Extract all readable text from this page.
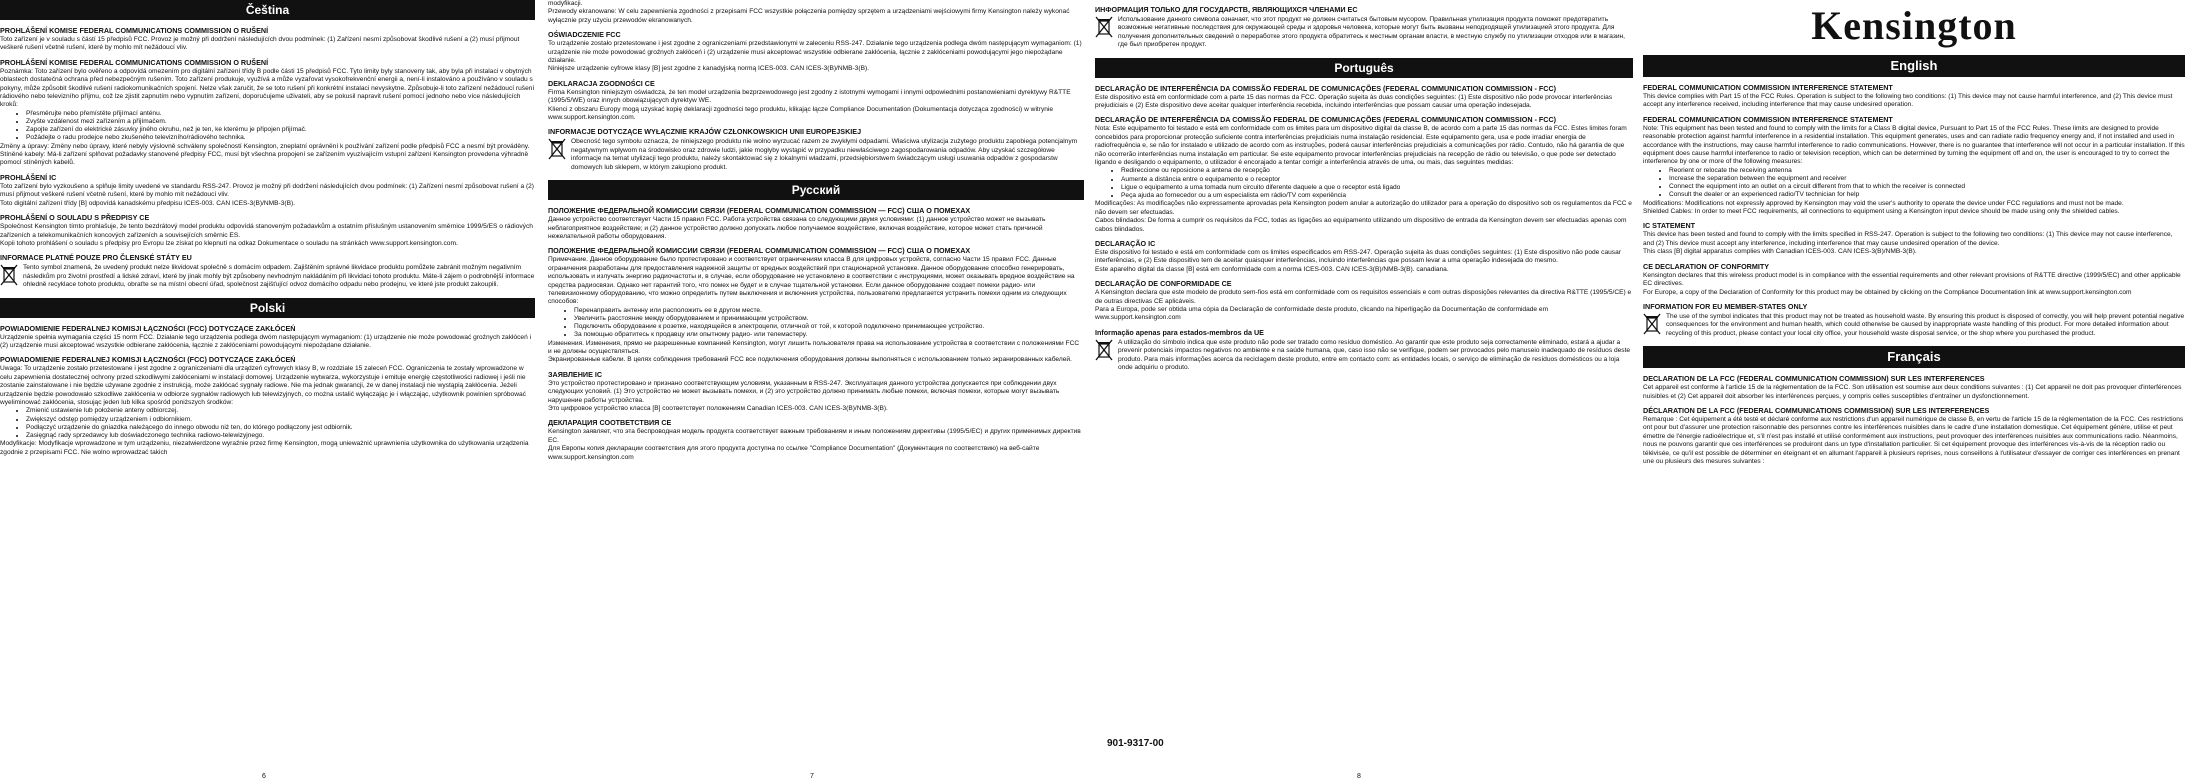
Čeština
PROHLÁŠENÍ KOMISE FEDERAL COMMUNICATIONS COMMISSION O RUŠENÍ

Toto zařízení je v souladu s částí 15 předpisů FCC. Provoz je možný při dodržení následujících dvou podmínek: (1) Zařízení nesmí způsobovat škodlivé rušení a (2) musí přijmout veškeré rušení včetně rušení, které by mohlo mít nežádoucí vliv.

PROHLÁŠENÍ KOMISE FEDERAL COMMUNICATIONS COMMISSION O RUŠENÍ

Poznámka: Toto zařízení bylo ověřeno a odpovídá omezením pro digitální zařízení třídy B podle části 15 předpisů FCC. Tyto limity byly stanoveny tak, aby byla při instalaci v obytných oblastech dostatečná ochrana před nebezpečným rušením. Toto zařízení produkuje, využívá a může vyzařovat vysokofrekvenční energii a, není-li instalováno a používáno v souladu s pokyny, může způsobit škodlivé rušení radiokomunikačních spojení. Nelze však zaručit, že se toto rušení při konkrétní instalaci nevyskytne. Způsobuje-li toto zařízení nežádoucí rušení rádiového nebo televizního příjmu, což lze zjistit zapnutím nebo vypnutím zařízení, doporučujeme uživateli, aby se pokusil napravit rušení pomocí jednoho nebo více následujících kroků:

• Přesměrujte nebo přemístěte přijímací anténu.
• Zvyšte vzdálenost mezi zařízením a přijímačem.
• Zapojte zařízení do elektrické zásuvky jiného okruhu, než je ten, ke kterému je připojen přijímač.
• Požádejte o radu prodejce nebo zkušeného televizního/rádiového technika.

Změny a úpravy: Změny nebo úpravy, které nebyly výslovně schváleny společností Kensington, zneplatní oprávnění k používání zařízení podle předpisů FCC a nesmí být prováděny.
Stíněné kabely: Má-li zařízení splňovat požadavky stanovené předpisy FCC, musí být všechna propojení se zařízením vyuzívajícím vstupní zařízení Kensington provedena výhradně pomocí stíněných kabelů.

PROHLÁŠENÍ IC

Toto zařízení bylo vyzkoušeno a splňuje limity uvedené ve standardu RSS-247. Provoz je možný při dodržení následujících dvou podmínek: (1) Zařízení nesmí způsobovat rušení a (2) musí přijmout veškeré rušení včetně rušení, které by mohlo mít nežádoucí vliv.
Toto digitální zařízení třídy [B] odpovídá kanadskému předpisu ICES-003. CAN ICES-3(B)/NMB-3(B).

PROHLÁŠENÍ O SOULADU S PŘEDPISY CE

Společnost Kensington tímto prohlašuje, že tento bezdrátový model produktu odpovídá stanoveným požadavkům a ostatním příslušným ustanovením směrnice 1999/5/ES o rádiových zařízeních a telekomunikačních koncových zařízeních a souvisejících směrnic ES.
Kopii tohoto prohlášení o souladu s předpisy pro Evropu lze získat po klepnutí na odkaz Dokumentace o souladu na stránkách www.support.kensington.com.

INFORMACE PLATNÉ POUZE PRO ČLENSKÉ STÁTY EU

Tento symbol znamená, že uvedený produkt nelze likvidovat společně s domácím odpadem. Zajištěním správné likvidace produktu pomůžete zabránit možným negativním následkům pro životní prostředí a lidské zdraví, které by jinak mohly být způsobeny nevhodným nakládáním při likvidaci tohoto produktu. Máte-li zájem o podrobnější informace ohledně recyklace tohoto produktu, obraťte se na místní obecní úřad, společnost zajišťující odvoz domácího odpadu nebo prodejnu, ve které jste produkt zakoupili.

Polski
POWIADOMIENIE FEDERALNEJ KOMISJI ŁĄCZNOŚCI (FCC) DOTYCZĄCE ZAKŁÓCEŃ

Urządzenie spełnia wymagania części 15 norm FCC. Działanie tego urządzenia podlega dwóm następującym wymaganiom: (1) urządzenie nie może powodować groźnych zakłóceń i (2) urządzenie musi akceptować wszystkie odbierane zakłócenia, łącznie z zakłóceniami powodującymi niepożądane działanie.

POWIADOMIENIE FEDERALNEJ KOMISJI ŁĄCZNOŚCI (FCC) DOTYCZĄCE ZAKŁÓCEŃ

Uwaga: To urządzenie zostało przetestowane i jest zgodne z ograniczeniami dla urządzeń cyfrowych klasy B, w rozdziale 15 zaleceń FCC. Ograniczenia te zostały wprowadzone w celu zapewnienia dostatecznej ochrony przed szkodliwymi zakłóceniami w instalacji domowej. Urządzenie wytwarza, wykorzystuje i emituje energię częstotliwości radiowej i jeśli nie zostanie zainstalowane i nie będzie używane zgodnie z instrukcją, może zakłócać sygnały radiowe. Nie ma jednak gwarancji, że w danej instalacji nie wystąpią zakłócenia. Jeżeli urządzenie będzie powodowało szkodliwe zakłócenia w odbiorze sygnałów radiowych lub telewizyjnych, co można ustalić wyłączając je i włączając, użytkownik powinien spróbować wyeliminować zakłócenia, stosując jeden lub kilka spośród poniższych środków:

• Zmienić ustawienie lub położenie anteny odbiorczej.
• Zwiększyć odstęp pomiędzy urządzeniem i odbiornikiem.
• Podłączyć urządzenie do gniazdka należącego do innego obwodu niż ten, do którego podłączony jest odbiornik.
• Zasięgnąć rady sprzedawcy lub doświadczonego technika radiowo-telewizyjnego.

Modyfikacje: Modyfikacje wprowadzone w tym urządzeniu, niezatwierdzone wyraźnie przez firmę Kensington, mogą unieważnić uprawnienia użytkownika do użytkowania urządzenia zgodnie z przepisami FCC. Nie wolno wprowadzać takich

6

modyfikacji.
Przewody ekranowane: W celu zapewnienia zgodności z przepisami FCC wszystkie połączenia pomiędzy sprzętem a urządzeniami wejściowymi firmy Kensington należy wykonać wyłącznie przy użyciu przewodów ekranowanych.

OŚWIADCZENIE FCC

To urządzenie zostało przetestowane i jest zgodne z ograniczeniami przedstawionymi w zaleceniu RSS-247. Działanie tego urządzenia podlega dwóm następującym wymaganiom: (1) urządzenie nie może powodować groźnych zakłóceń i (2) urządzenie musi akceptować wszystkie odbierane zakłócenia, łącznie z zakłóceniami powodującymi jego niepożądane działanie.
Niniejsze urządzenie cyfrowe klasy [B] jest zgodne z kanadyjską normą ICES-003. CAN ICES-3(B)/NMB-3(B).

DEKLARACJA ZGODNOŚCI CE

Firma Kensington niniejszym oświadcza, że ten model urządzenia bezprzewodowego jest zgodny z istotnymi wymogami i innymi odpowiednimi postanowieniami dyrektywy R&TTE (1995/5/WE) oraz innych obowiązujących dyrektyw WE.
Klienci z obszaru Europy mogą uzyskać kopię deklaracji zgodności tego produktu, klikając łącze Compliance Documentation (Dokumentacja dotycząca zgodności) w witrynie www.support.kensington.com.

INFORMACJE DOTYCZĄCE WYŁĄCZNIE KRAJÓW CZŁONKOWSKICH UNII EUROPEJSKIEJ

Obecność tego symbolu oznacza, że niniejszego produktu nie wolno wyrzucać razem ze zwykłymi odpadami. Właściwa utylizacja zużytego produktu zapobiega potencjalnym negatywnym wpływom na środowisko oraz zdrowie ludzi, jakie mogłyby wystąpić w przypadku niewłaściwego zagospodarowania odpadów. Aby uzyskać szczegółowe informacje na temat utylizacji tego produktu, należy skontaktować się z lokalnymi władzami, przedsiębiorstwem świadczącym usługi usuwania odpadów z gospodarstw domowych lub sklepem, w którym zakupiono produkt.

Русский
ПОЛОЖЕНИЕ ФЕДЕРАЛЬНОЙ КОМИССИИ СВЯЗИ (FEDERAL COMMUNICATION COMMISSION — FCC) США О ПОМЕХАХ

Данное устройство соответствует Части 15 правил FCC. Работа устройства связана со следующими двумя условиями: (1) данное устройство может не вызывать неблагоприятное воздействие; и (2) данное устройство должно допускать любое получаемое воздействие, включая воздействие, которое может стать причиной нежелательной работы оборудования.

ПОЛОЖЕНИЕ ФЕДЕРАЛЬНОЙ КОМИССИИ СВЯЗИ (FEDERAL COMMUNICATION COMMISSION — FCC) США О ПОМЕХАХ

Примечание. Данное оборудование было протестировано и соответствует ограничениям класса В для цифровых устройств, согласно Части 15 правил FCC. Данные ограничения разработаны для предоставления надежной защиты от вредных воздействий при стационарной установке. Данное оборудование способно генерировать, использовать и излучать энергию радиочастоты и, в случае, если оборудование не установлено в соответствии с инструкциями, может оказывать вредное воздействие на средства радиосвязи. Однако нет гарантий того, что помех не будет и в случае тщательной установки. Если данное оборудование создает помехи радио- или телевизионному оборудованию, что можно определить путем выключения и включения устройства, пользователю предлагается устранить помехи одним из следующих способов:

• Перенаправить антенну или расположить ее в другом месте.
• Увеличить расстояние между оборудованием и принимающим устройством.
• Подключить оборудование к розетке, находящейся в электроцепи, отличной от той, к которой подключено принимающее устройство.
• За помощью обратитесь к продавцу или опытному радио- или телемастеру.

Изменения. Изменения, прямо не разрешенные компанией Kensington, могут лишить пользователя права на использование устройства в соответствии с положениями FCC и не должны осуществляться.
Экранированные кабели. В целях соблюдения требований FCC все подключения оборудования должны выполняться с использованием только экранированных кабелей.

ЗАЯВЛЕНИЕ IC

Это устройство протестировано и признано соответствующим условиям, указанным в RSS-247. Эксплуатация данного устройства допускается при соблюдении двух следующих условий. (1) Это устройство не может вызывать помехи, и (2) это устройство должно принимать любые помехи, включая помехи, которые могут вызывать нарушение работы устройства.
Это цифровое устройство класса [B] соответствует положениям Canadian ICES-003. CAN ICES-3(B)/NMB-3(B).

ДЕКЛАРАЦИЯ СООТВЕТСТВИЯ CE

Kensington заявляет, что эта беспроводная модель продукта соответствует важным требованиям и иным положениям директивы (1995/5/EC) и других применимых директив ЕС.
Для Европы копия декларации соответствия для этого продукта доступна по ссылке "Compliance Documentation" (Документация по соответствию) на веб-сайте www.support.kensington.com

7
ИНФОРМАЦИЯ ТОЛЬКО ДЛЯ ГОСУДАРСТВ, ЯВЛЯЮЩИХСЯ ЧЛЕНАМИ ЕС

Использование данного символа означает, что этот продукт не должен считаться бытовым мусором. Правильная утилизация продукта поможет предотвратить возможные негативные последствия для окружающей среды и здоровья человека, которые могут быть вызваны неподходящей утилизацией этого продукта. Для получения дополнительных сведений о переработке этого продукта обратитесь к местным органам власти, в местную службу по утилизации отходов или в магазин, где был приобретен продукт.

Português
DECLARAÇÃO DE INTERFERÊNCIA DA COMISSÃO FEDERAL DE COMUNICAÇÕES (FEDERAL COMMUNICATION COMMISSION - FCC)

Este dispositivo está em conformidade com a parte 15 das normas da FCC. Operação sujeita às duas condições seguintes: (1) Este dispositivo não pode provocar interferências prejudiciais e (2) Este dispositivo deve aceitar qualquer interferência recebida, incluindo interferências que possam causar uma operação indesejada.

DECLARAÇÃO DE INTERFERÊNCIA DA COMISSÃO FEDERAL DE COMUNICAÇÕES (FEDERAL COMMUNICATION COMMISSION - FCC)

Nota: Este equipamento foi testado e está em conformidade com os limites para um dispositivo digital da classe B, de acordo com a parte 15 das normas da FCC. Estes limites foram concebidos para proporcionar protecção suficiente contra interferências prejudiciais numa instalação residencial. Este equipamento gera, usa e pode irradiar energia de radiofrequência e, se não for instalado e utilizado de acordo com as instruções, poderá causar interferências prejudiciais a comunicações por rádio. Contudo, não há garantia de que não ocorrerão interferências numa instalação em particular. Se este equipamento provocar interferências prejudiciais na recepção de rádio ou televisão, o que pode ser detectado ligando e desligando o equipamento, o utilizador é encorajado a tentar corrigir a interferência através de uma, ou mais, das seguintes medidas:

• Redireccione ou reposicione a antena de recepção
• Aumente a distância entre o equipamento e o receptor
• Ligue o equipamento a uma tomada num circuito diferente daquele a que o receptor está ligado
• Peça ajuda ao fornecedor ou a um especialista em rádio/TV com experiência

Modificações: As modificações não expressamente aprovadas pela Kensington podem anular a autorização do utilizador para a operação do dispositivo sob os regulamentos da FCC e não devem ser efectuadas.
Cabos blindados: De forma a cumprir os requisitos da FCC, todas as ligações ao equipamento utilizando um dispositivo de entrada da Kensington devem ser efectuadas apenas com cabos blindados.

DECLARAÇÃO IC

Este dispositivo foi testado e está em conformidade com os limites especificados em RSS-247. Operação sujeita às duas condições seguintes: (1) Este dispositivo não pode causar interferências, e (2) Este dispositivo tem de aceitar quaisquer interferências, incluindo interferências que possam levar a uma operação indesejada do mesmo.
Este aparelho digital da classe [B] está em conformidade com a norma ICES-003. CAN ICES-3(B)/NMB-3(B). canadiana.

DECLARAÇÃO DE CONFORMIDADE CE

A Kensington declara que este modelo de produto sem-fios está em conformidade com os requisitos essenciais e com outras disposições relevantes da directiva R&TTE (1995/5/CE) e de outras directivas CE aplicáveis.
Para a Europa, pode ser obtida uma cópia da Declaração de conformidade deste produto, clicando na hiperligação da Documentação de conformidade em www.support.kensington.com

Informação apenas para estados-membros da UE

A utilização do símbolo indica que este produto não pode ser tratado como resíduo doméstico. Ao garantir que este produto seja correctamente eliminado, estará a ajudar a prevenir potenciais impactos negativos no ambiente e na saúde humana, que, caso isso não se verifique, podem ser provocados pelo manuseio inadequado de resíduos deste produto. Para mais informações acerca da reciclagem deste produto, entre em contacto com: as entidades locais, o serviço de eliminação de resíduos domésticos ou a loja onde adquiriu o produto.

8
901-9317-00
Kensington
English
FEDERAL COMMUNICATION COMMISSION INTERFERENCE STATEMENT

This device complies with Part 15 of the FCC Rules. Operation is subject to the following two conditions: (1) This device may not cause harmful interference, and (2) This device must accept any interference received, including interference that may cause undesired operation.

FEDERAL COMMUNICATION COMMISSION INTERFERENCE STATEMENT

Note: This equipment has been tested and found to comply with the limits for a Class B digital device, Pursuant to Part 15 of the FCC Rules. These limits are designed to provide reasonable protection against harmful interference in a residential installation. This equipment generates, uses and can radiate radio frequency energy and, if not installed and used in accordance with the instructions, may cause harmful interference to radio communications. However, there is no guarantee that interference will not occur in a particular installation. If this equipment does cause harmful interference to radio or television reception, which can be determined by turning the equipment off and on, the user is encouraged to try to correct the interference by one or more of the following measures:

• Reorient or relocate the receiving antenna
• Increase the separation between the equipment and receiver
• Connect the equipment into an outlet on a circuit different from that to which the receiver is connected
• Consult the dealer or an experienced radio/TV technician for help

Modifications: Modifications not expressly approved by Kensington may void the user's authority to operate the device under FCC regulations and must not be made.
Shielded Cables: In order to meet FCC requirements, all connections to equipment using a Kensington input device should be made using only the shielded cables.

IC STATEMENT

This device has been tested and found to comply with the limits specified in RSS-247. Operation is subject to the following two conditions: (1) This device may not cause interference, and (2) This device must accept any interference, including interference that may cause undesired operation of the device.
This class [B] digital apparatus complies with Canadian ICES-003. CAN ICES-3(B)/NMB-3(B).

CE DECLARATION OF CONFORMITY

Kensington declares that this wireless product model is in compliance with the essential requirements and other relevant provisions of R&TTE directive (1999/5/EC) and other applicable EC directives.
For Europe, a copy of the Declaration of Conformity for this product may be obtained by clicking on the Compliance Documentation link at www.support.kensington.com

INFORMATION FOR EU MEMBER-STATES ONLY

The use of the symbol indicates that this product may not be treated as household waste. By ensuring this product is disposed of correctly, you will help prevent potential negative consequences for the environment and human health, which could otherwise be caused by inappropriate waste handling of this product. For more detailed information about recycling of this product, please contact your local city office, your household waste disposal service, or the shop where you purchased the product.

Français
DECLARATION DE LA FCC (FEDERAL COMMUNICATION COMMISSION) SUR LES INTERFERENCES

Cet appareil est conforme à l'article 15 de la réglementation de la FCC. Son utilisation est soumise aux deux conditions suivantes : (1) Cet appareil ne doit pas provoquer d'interférences nuisibles et (2) Cet appareil doit absorber les interférences perçues, y compris celles susceptibles d'entraîner un dysfonctionnement.

DÉCLARATION DE LA FCC (FEDERAL COMMUNICATIONS COMMISSION) SUR LES INTERFERENCES

Remarque : Cet équipement a été testé et déclaré conforme aux restrictions d'un appareil numérique de classe B, en vertu de l'article 15 de la réglementation de la FCC. Ces restrictions ont pour but d'assurer une protection raisonnable des personnes contre les interférences nuisibles dans le cadre d'une installation domestique. Cet équipement génère, utilise et peut émettre de l'énergie radioélectrique et, s'il n'est pas installé et utilisé conformément aux instructions, peut provoquer des interférences nuisibles aux communications radio. Néanmoins, nous ne pouvons garantir que ces interférences se produiront dans un type d'installation particulier. Si cet équipement provoque des interférences vis-à-vis de la réception radio ou télévisée, ce qu'il est possible de déterminer en éteignant et en allumant l'appareil à plusieurs reprises, nous conseillons à l'utilisateur d'essayer de corriger ces interférences en prenant une ou plusieurs des mesures suivantes :
